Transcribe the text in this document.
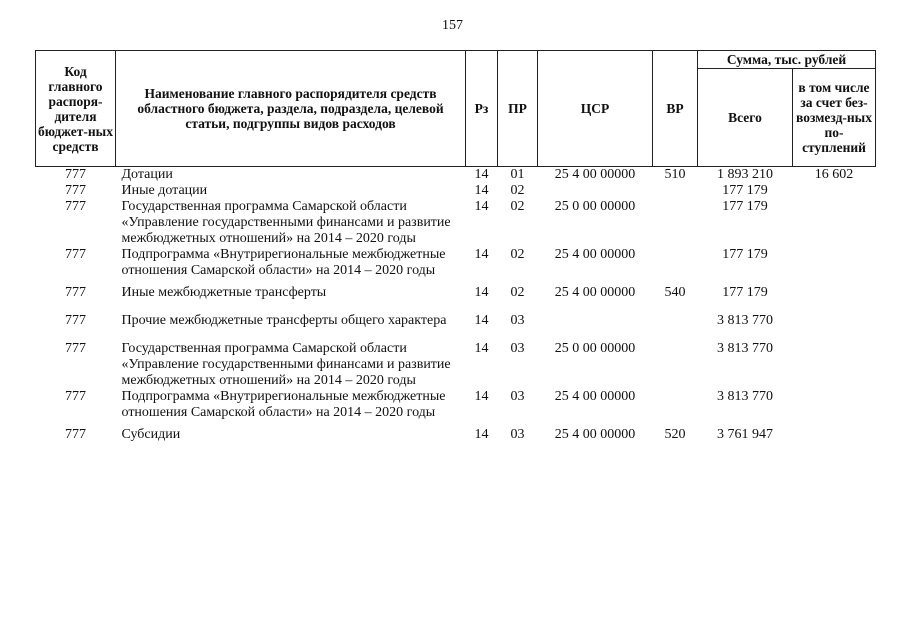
157
Код главного распоря-дителя бюджет-ных средств	Наименование главного распорядителя средств областного бюджета, раздела, подраздела, целевой статьи, подгруппы видов расходов	Рз	ПР	ЦСР	ВР	Сумма, тыс. рублей	
						Всего	в том числе за счет без-возмезд-ных по-ступлений
777	Дотации	14	01	25 4 00 00000	510	1 893 210	16 602
777	Иные дотации	14	02			177 179	
777	Государственная программа Самарской области «Управление государственными финансами и развитие межбюджетных отношений» на 2014 – 2020 годы	14	02	25 0 00 00000		177 179	
777	Подпрограмма «Внутрирегиональные межбюджетные отношения Самарской области» на 2014 – 2020 годы	14	02	25 4 00 00000		177 179	
777	Иные межбюджетные трансферты	14	02	25 4 00 00000	540	177 179	
777	Прочие межбюджетные трансферты общего характера	14	03			3 813 770	
777	Государственная программа Самарской области «Управление государственными финансами и развитие межбюджетных отношений» на 2014 – 2020 годы	14	03	25 0 00 00000		3 813 770	
777	Подпрограмма «Внутрирегиональные межбюджетные отношения Самарской области» на 2014 – 2020 годы	14	03	25 4 00 00000		3 813 770	
777	Субсидии	14	03	25 4 00 00000	520	3 761 947	
